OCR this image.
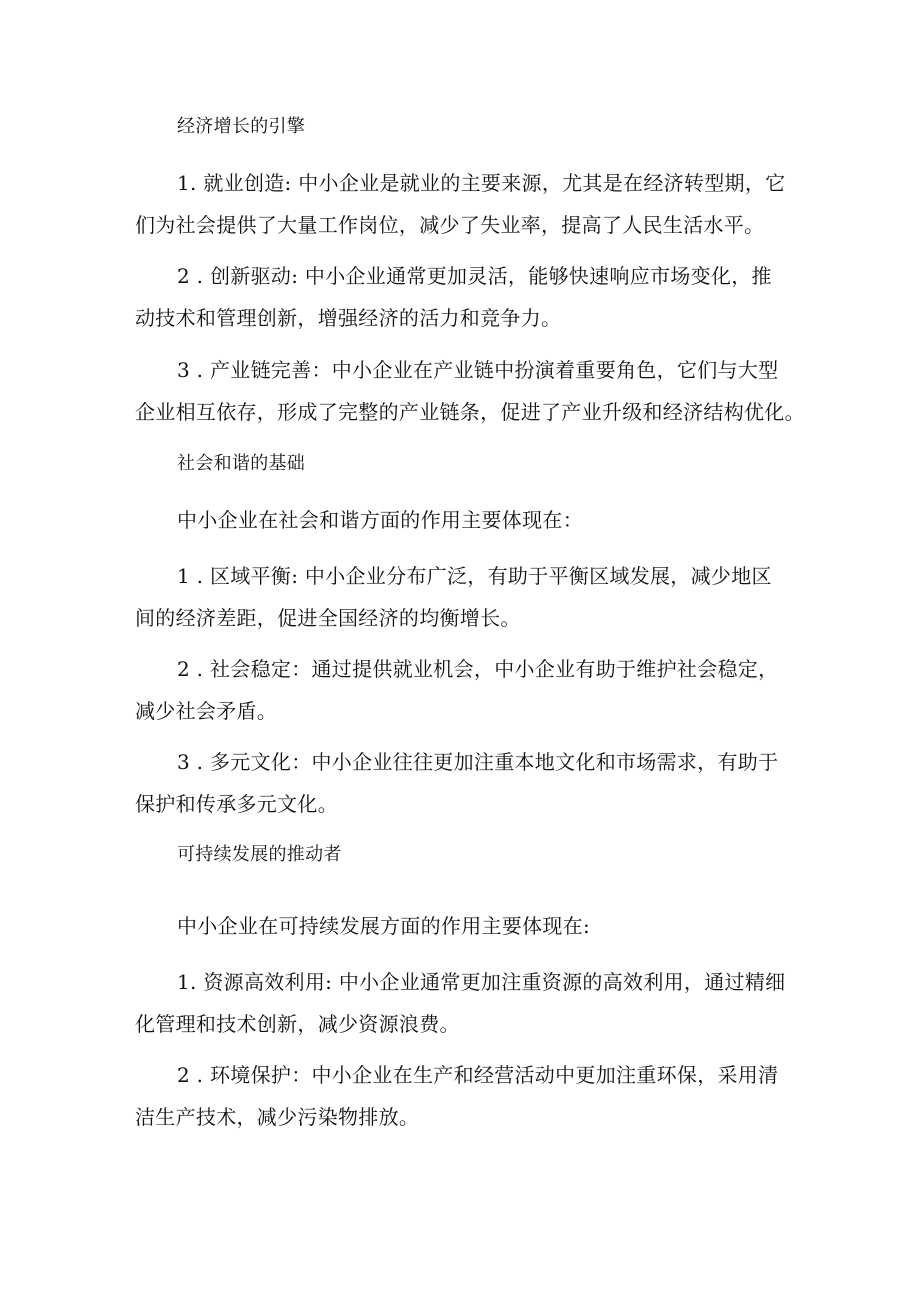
经济增长的引擎

1. 就业创造: 中小企业是就业的主要来源，尤其是在经济转型期，它
们为社会提供了大量工作岗位，减少了失业率，提高了人民生活水平。

2 . 创新驱动: 中小企业通常更加灵活，能够快速响应市场变化，推
动技术和管理创新，增强经济的活力和竞争力。

3 . 产业链完善：中小企业在产业链中扮演着重要角色，它们与大型
企业相互依存，形成了完整的产业链条，促进了产业升级和经济结构优化。

社会和谐的基础

中小企业在社会和谐方面的作用主要体现在：

1 . 区域平衡: 中小企业分布广泛，有助于平衡区域发展，减少地区
间的经济差距，促进全国经济的均衡增长。

2 . 社会稳定：通过提供就业机会，中小企业有助于维护社会稳定，
减少社会矛盾。

3 . 多元文化：中小企业往往更加注重本地文化和市场需求，有助于
保护和传承多元文化。

可持续发展的推动者

中小企业在可持续发展方面的作用主要体现在:

1. 资源高效利用: 中小企业通常更加注重资源的高效利用，通过精细
化管理和技术创新，减少资源浪费。

2 . 环境保护：中小企业在生产和经营活动中更加注重环保，采用清
洁生产技术，减少污染物排放。
